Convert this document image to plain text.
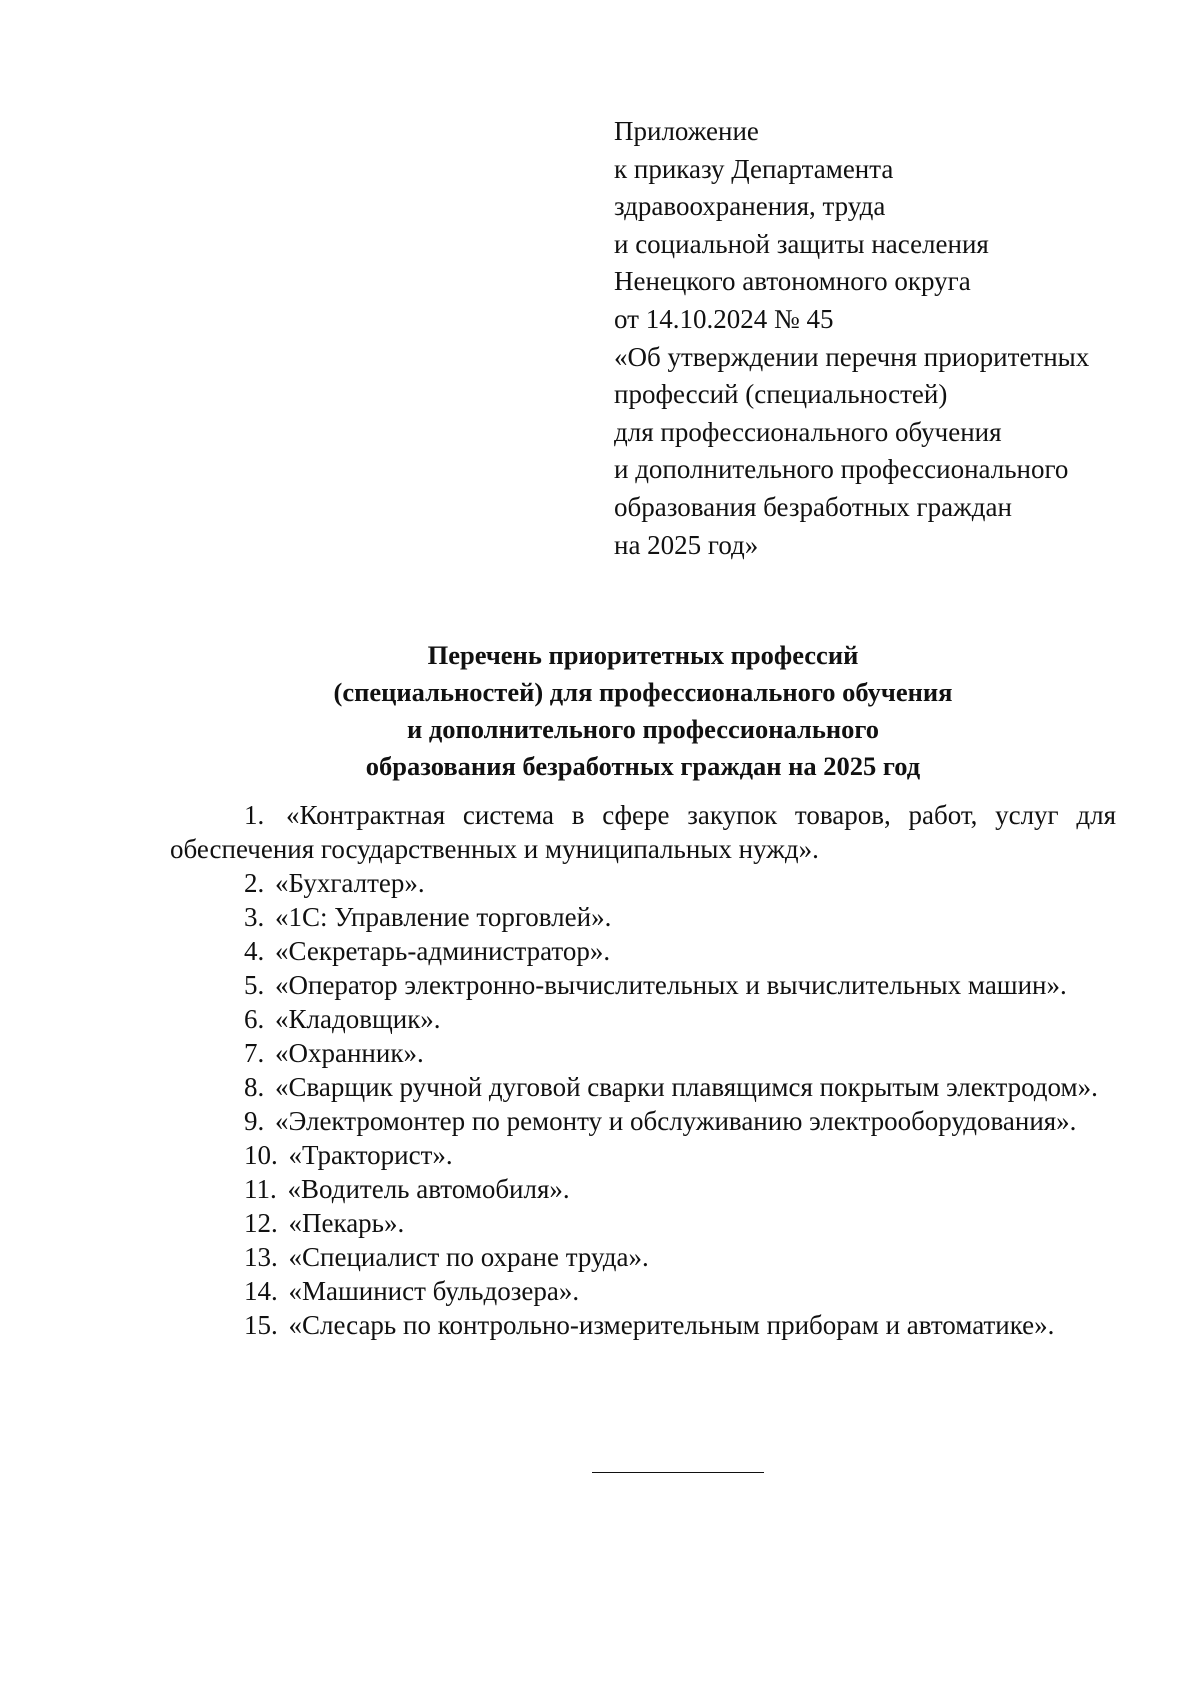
Приложение
к приказу Департамента
здравоохранения, труда
и социальной защиты населения
Ненецкого автономного округа
от 14.10.2024 № 45
«Об утверждении перечня приоритетных
профессий (специальностей)
для профессионального обучения
и дополнительного профессионального
образования безработных граждан
на 2025 год»
Перечень приоритетных профессий
(специальностей) для профессионального обучения
и дополнительного профессионального
образования безработных граждан на 2025 год
1. «Контрактная система в сфере закупок товаров, работ, услуг для обеспечения государственных и муниципальных нужд».
2. «Бухгалтер».
3. «1С: Управление торговлей».
4. «Секретарь-администратор».
5. «Оператор электронно-вычислительных и вычислительных машин».
6. «Кладовщик».
7. «Охранник».
8. «Сварщик ручной дуговой сварки плавящимся покрытым электродом».
9. «Электромонтер по ремонту и обслуживанию электрооборудования».
10. «Тракторист».
11. «Водитель автомобиля».
12. «Пекарь».
13. «Специалист по охране труда».
14. «Машинист бульдозера».
15. «Слесарь по контрольно-измерительным приборам и автоматике».
